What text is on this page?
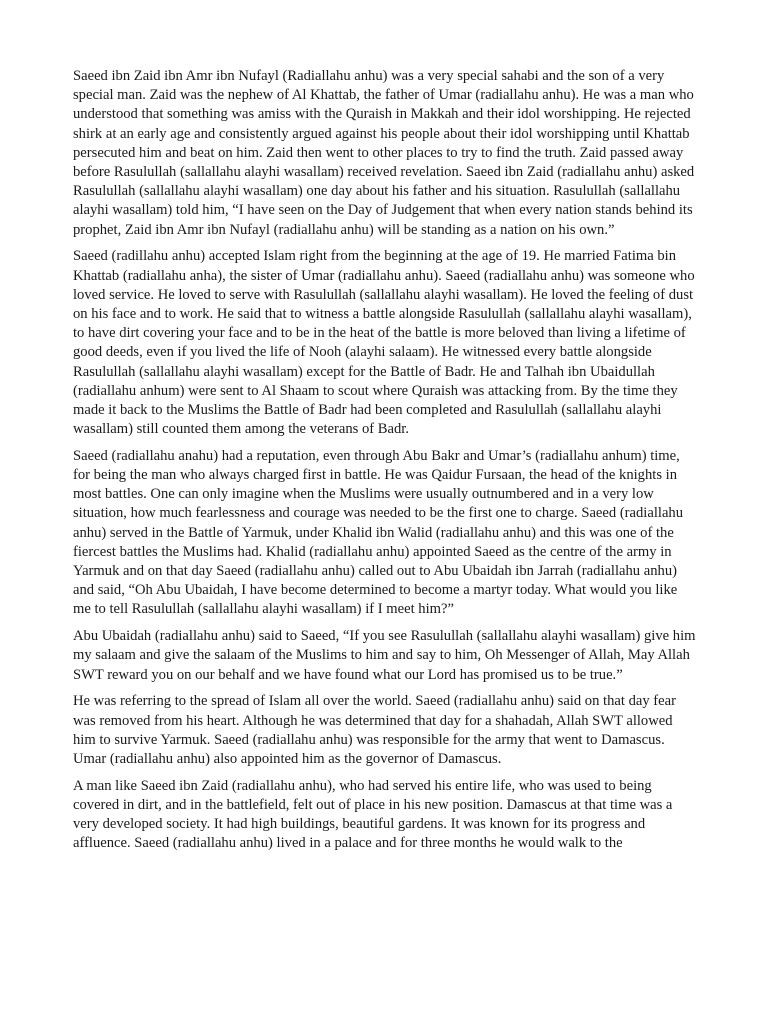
Saeed ibn Zaid ibn Amr ibn Nufayl (Radiallahu anhu) was a very special sahabi and the son of a very special man. Zaid was the nephew of Al Khattab, the father of Umar (radiallahu anhu). He was a man who understood that something was amiss with the Quraish in Makkah and their idol worshipping. He rejected shirk at an early age and consistently argued against his people about their idol worshipping until Khattab persecuted him and beat on him. Zaid then went to other places to try to find the truth. Zaid passed away before Rasulullah (sallallahu alayhi wasallam) received revelation. Saeed ibn Zaid (radiallahu anhu) asked Rasulullah (sallallahu alayhi wasallam) one day about his father and his situation. Rasulullah (sallallahu alayhi wasallam) told him, “I have seen on the Day of Judgement that when every nation stands behind its prophet, Zaid ibn Amr ibn Nufayl (radiallahu anhu) will be standing as a nation on his own.”

Saeed (radillahu anhu) accepted Islam right from the beginning at the age of 19. He married Fatima bin Khattab (radiallahu anha), the sister of Umar (radiallahu anhu). Saeed (radiallahu anhu) was someone who loved service. He loved to serve with Rasulullah (sallallahu alayhi wasallam). He loved the feeling of dust on his face and to work. He said that to witness a battle alongside Rasulullah (sallallahu alayhi wasallam), to have dirt covering your face and to be in the heat of the battle is more beloved than living a lifetime of good deeds, even if you lived the life of Nooh (alayhi salaam). He witnessed every battle alongside Rasulullah (sallallahu alayhi wasallam) except for the Battle of Badr. He and Talhah ibn Ubaidullah (radiallahu anhum) were sent to Al Shaam to scout where Quraish was attacking from. By the time they made it back to the Muslims the Battle of Badr had been completed and Rasulullah (sallallahu alayhi wasallam) still counted them among the veterans of Badr.

Saeed (radiallahu anahu) had a reputation, even through Abu Bakr and Umar’s (radiallahu anhum) time, for being the man who always charged first in battle. He was Qaidur Fursaan, the head of the knights in most battles. One can only imagine when the Muslims were usually outnumbered and in a very low situation, how much fearlessness and courage was needed to be the first one to charge. Saeed (radiallahu anhu) served in the Battle of Yarmuk, under Khalid ibn Walid (radiallahu anhu) and this was one of the fiercest battles the Muslims had. Khalid (radiallahu anhu) appointed Saeed as the centre of the army in Yarmuk and on that day Saeed (radiallahu anhu) called out to Abu Ubaidah ibn Jarrah (radiallahu anhu) and said, “Oh Abu Ubaidah, I have become determined to become a martyr today. What would you like me to tell Rasulullah (sallallahu alayhi wasallam) if I meet him?”

Abu Ubaidah (radiallahu anhu) said to Saeed, “If you see Rasulullah (sallallahu alayhi wasallam) give him my salaam and give the salaam of the Muslims to him and say to him, Oh Messenger of Allah, May Allah SWT reward you on our behalf and we have found what our Lord has promised us to be true.”

He was referring to the spread of Islam all over the world. Saeed (radiallahu anhu) said on that day fear was removed from his heart. Although he was determined that day for a shahadah, Allah SWT allowed him to survive Yarmuk. Saeed (radiallahu anhu) was responsible for the army that went to Damascus. Umar (radiallahu anhu) also appointed him as the governor of Damascus.

A man like Saeed ibn Zaid (radiallahu anhu), who had served his entire life, who was used to being covered in dirt, and in the battlefield, felt out of place in his new position. Damascus at that time was a very developed society. It had high buildings, beautiful gardens. It was known for its progress and affluence. Saeed (radiallahu anhu) lived in a palace and for three months he would walk to the
